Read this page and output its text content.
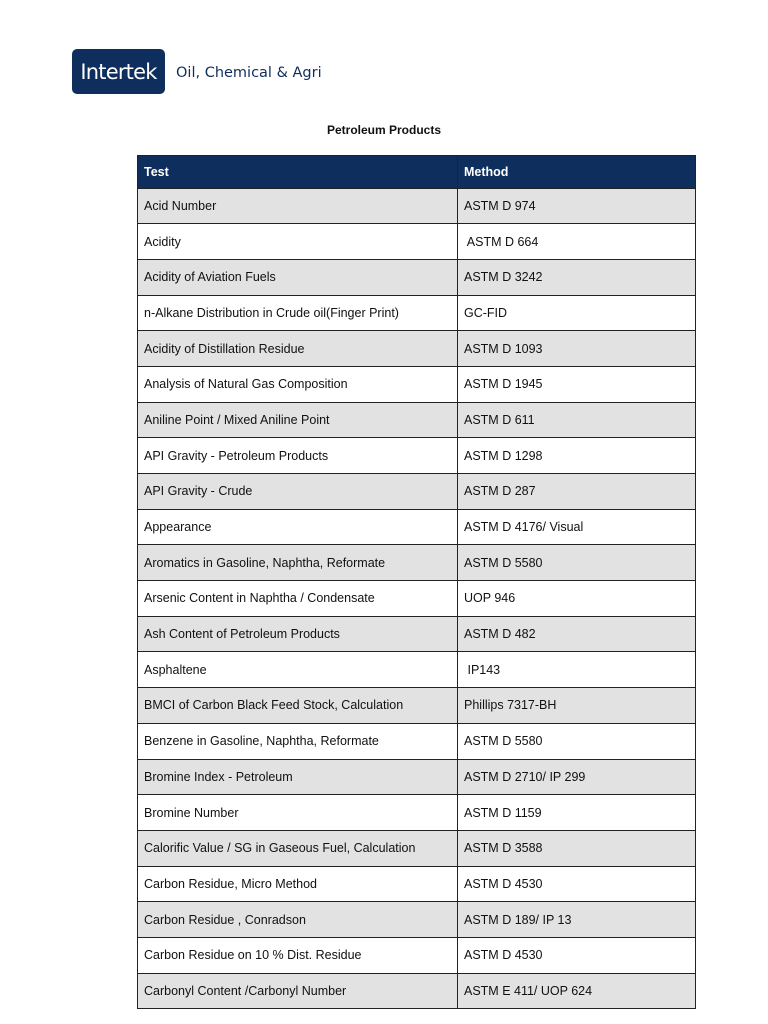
Intertek	Oil, Chemical & Agri
Petroleum Products
Test	Method
Acid Number	ASTM D 974
Acidity	ASTM D 664
Acidity of Aviation Fuels	ASTM D 3242
n-Alkane Distribution in Crude oil(Finger Print)	GC-FID
Acidity of Distillation Residue	ASTM D 1093
Analysis of Natural Gas Composition	ASTM D 1945
Aniline Point / Mixed Aniline Point	ASTM D 611
API Gravity - Petroleum Products	ASTM D 1298
API Gravity - Crude	ASTM D 287
Appearance	ASTM D 4176/ Visual
Aromatics in Gasoline, Naphtha, Reformate	ASTM D 5580
Arsenic Content in Naphtha / Condensate	UOP 946
Ash Content of Petroleum Products	ASTM D 482
Asphaltene	IP143
BMCI of Carbon Black Feed Stock, Calculation	Phillips 7317-BH
Benzene in Gasoline, Naphtha, Reformate	ASTM D 5580
Bromine Index - Petroleum	ASTM D 2710/ IP 299
Bromine Number	ASTM D 1159
Calorific Value / SG in Gaseous Fuel, Calculation	ASTM D 3588
Carbon Residue, Micro Method	ASTM D 4530
Carbon Residue , Conradson	ASTM D 189/ IP 13
Carbon Residue on 10 % Dist. Residue	ASTM D 4530
Carbonyl Content /Carbonyl Number	ASTM E 411/ UOP 624
